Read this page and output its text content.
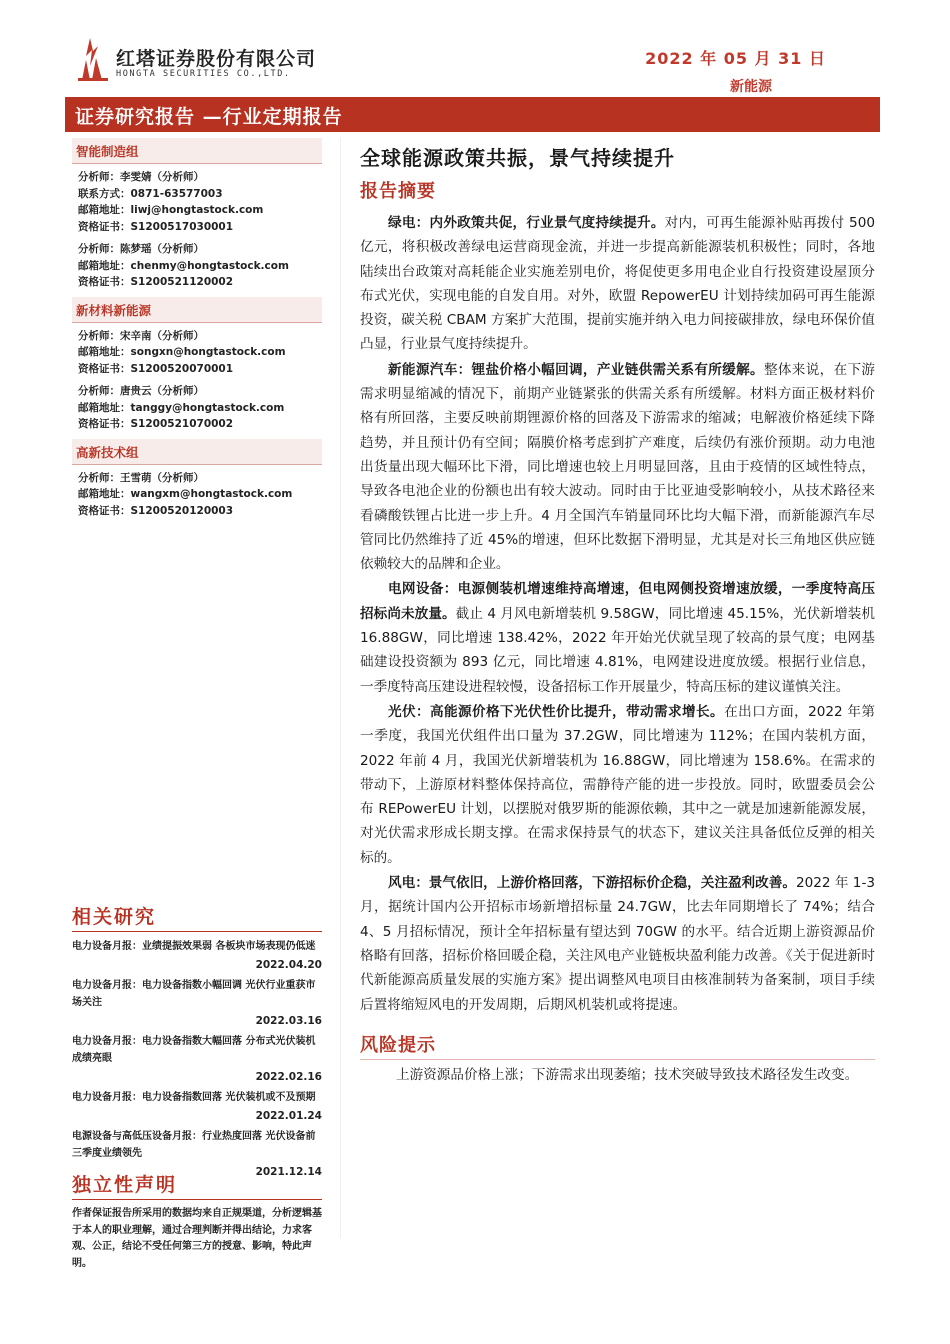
红塔证券股份有限公司
HONGTA SECURITIES CO.,LTD.
2022 年 05 月 31 日
新能源
证券研究报告 —行业定期报告
智能制造组
分析师：李雯婧（分析师）
联系方式：0871-63577003
邮箱地址：liwj@hongtastock.com
资格证书：S1200517030001
分析师：陈梦瑶（分析师）
邮箱地址：chenmy@hongtastock.com
资格证书：S1200521120002
新材料新能源
分析师：宋辛南（分析师）
邮箱地址：songxn@hongtastock.com
资格证书：S1200520070001
分析师：唐贵云（分析师）
邮箱地址：tanggy@hongtastock.com
资格证书：S1200521070002
高新技术组
分析师：王雪萌（分析师）
邮箱地址：wangxm@hongtastock.com
资格证书：S1200520120003
相关研究
电力设备月报：业绩提振效果弱 各板块市场表现仍低迷
2022.04.20
电力设备月报：电力设备指数小幅回调 光伏行业重获市场关注
2022.03.16
电力设备月报：电力设备指数大幅回落 分布式光伏装机成绩亮眼
2022.02.16
电力设备月报：电力设备指数回落 光伏装机或不及预期
2022.01.24
电源设备与高低压设备月报：行业热度回落 光伏设备前三季度业绩领先
2021.12.14
独立性声明
作者保证报告所采用的数据均来自正规渠道，分析逻辑基于本人的职业理解，通过合理判断并得出结论，力求客观、公正，结论不受任何第三方的授意、影响，特此声明。
全球能源政策共振，景气持续提升
报告摘要

绿电：内外政策共促，行业景气度持续提升。对内，可再生能源补贴再拨付 500 亿元，将积极改善绿电运营商现金流，并进一步提高新能源装机积极性；同时，各地陆续出台政策对高耗能企业实施差别电价，将促使更多用电企业自行投资建设屋顶分布式光伏，实现电能的自发自用。对外，欧盟 RepowerEU 计划持续加码可再生能源投资，碳关税 CBAM 方案扩大范围，提前实施并纳入电力间接碳排放，绿电环保价值凸显，行业景气度持续提升。

新能源汽车：锂盐价格小幅回调，产业链供需关系有所缓解。整体来说，在下游需求明显缩减的情况下，前期产业链紧张的供需关系有所缓解。材料方面正极材料价格有所回落，主要反映前期锂源价格的回落及下游需求的缩减；电解液价格延续下降趋势，并且预计仍有空间；隔膜价格考虑到扩产难度，后续仍有涨价预期。动力电池出货量出现大幅环比下滑，同比增速也较上月明显回落，且由于疫情的区域性特点，导致各电池企业的份额也出有较大波动。同时由于比亚迪受影响较小，从技术路径来看磷酸铁锂占比进一步上升。4 月全国汽车销量同环比均大幅下滑，而新能源汽车尽管同比仍然维持了近 45%的增速，但环比数据下滑明显，尤其是对长三角地区供应链依赖较大的品牌和企业。

电网设备：电源侧装机增速维持高增速，但电网侧投资增速放缓，一季度特高压招标尚未放量。截止 4 月风电新增装机 9.58GW，同比增速 45.15%，光伏新增装机 16.88GW，同比增速 138.42%，2022 年开始光伏就呈现了较高的景气度；电网基础建设投资额为 893 亿元，同比增速 4.81%，电网建设进度放缓。根据行业信息，一季度特高压建设进程较慢，设备招标工作开展量少，特高压标的建议谨慎关注。

光伏：高能源价格下光伏性价比提升，带动需求增长。在出口方面，2022 年第一季度，我国光伏组件出口量为 37.2GW，同比增速为 112%；在国内装机方面，2022 年前 4 月，我国光伏新增装机为 16.88GW，同比增速为 158.6%。在需求的带动下，上游原材料整体保持高位，需静待产能的进一步投放。同时，欧盟委员会公布 REPowerEU 计划，以摆脱对俄罗斯的能源依赖，其中之一就是加速新能源发展，对光伏需求形成长期支撑。在需求保持景气的状态下，建议关注具备低位反弹的相关标的。

风电：景气依旧，上游价格回落，下游招标价企稳，关注盈利改善。2022 年 1-3 月，据统计国内公开招标市场新增招标量 24.7GW，比去年同期增长了 74%；结合 4、5 月招标情况，预计全年招标量有望达到 70GW 的水平。结合近期上游资源品价格略有回落，招标价格回暖企稳，关注风电产业链板块盈利能力改善。《关于促进新时代新能源高质量发展的实施方案》提出调整风电项目由核准制转为备案制，项目手续后置将缩短风电的开发周期，后期风机装机或将提速。

风险提示
上游资源品价格上涨；下游需求出现萎缩；技术突破导致技术路径发生改变。
